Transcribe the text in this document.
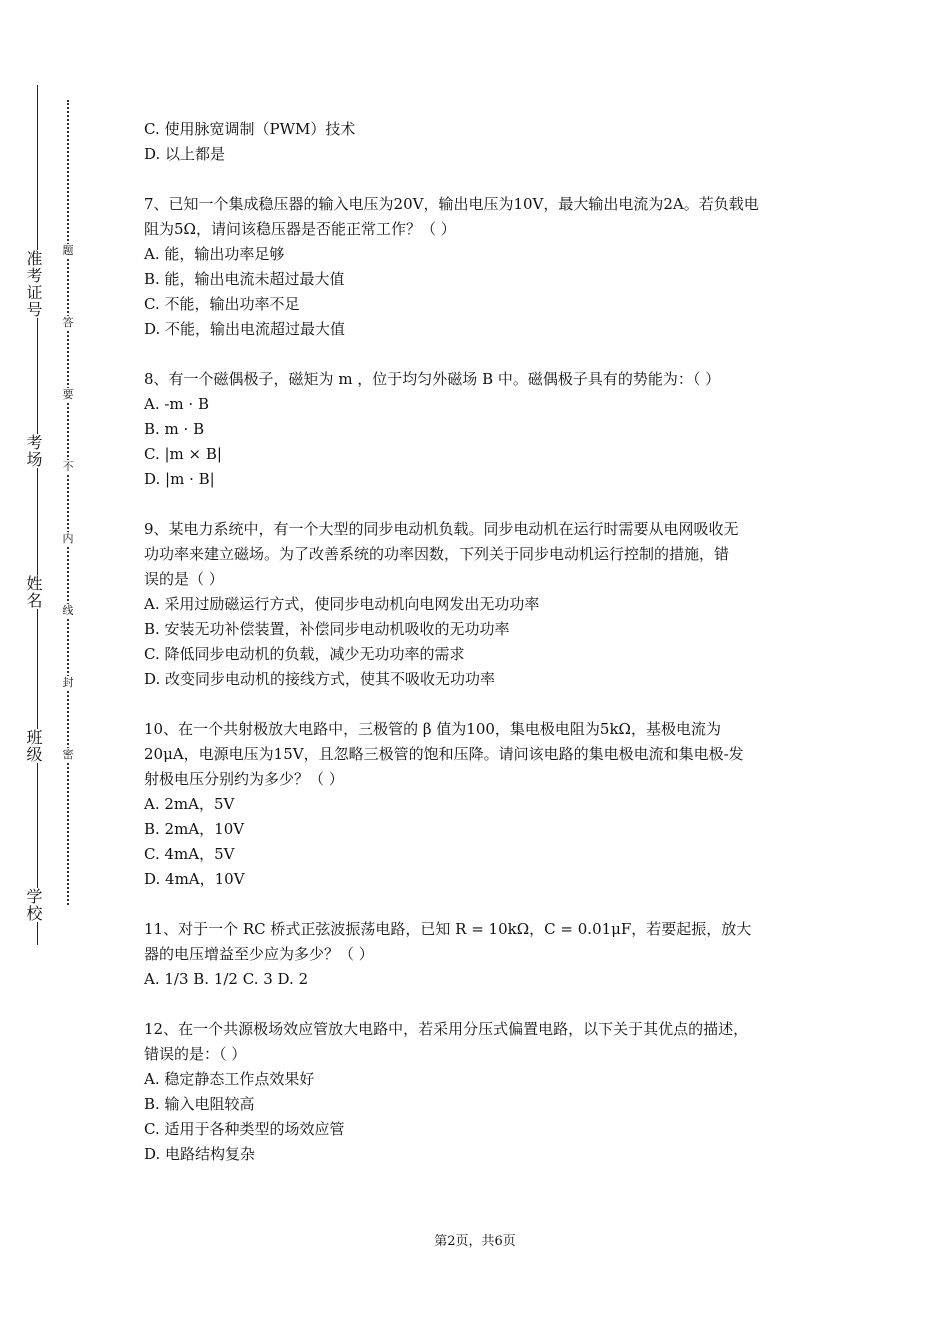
准考证号
考场
姓名
班级
学校
题
答
要
不
内
线
封
密
C. 使用脉宽调制（PWM）技术
D. 以上都是
7、已知一个集成稳压器的输入电压为20V，输出电压为10V，最大输出电流为2A。若负载电
阻为5Ω，请问该稳压器是否能正常工作？（ ）
A. 能，输出功率足够
B. 能，输出电流未超过最大值
C. 不能，输出功率不足
D. 不能，输出电流超过最大值
8、有一个磁偶极子，磁矩为 m ，位于均匀外磁场 B 中。磁偶极子具有的势能为：（ ）
A. -m · B
B. m · B
C. |m × B|
D. |m · B|
9、某电力系统中，有一个大型的同步电动机负载。同步电动机在运行时需要从电网吸收无
功功率来建立磁场。为了改善系统的功率因数，下列关于同步电动机运行控制的措施，错
误的是（ ）
A. 采用过励磁运行方式，使同步电动机向电网发出无功功率
B. 安装无功补偿装置，补偿同步电动机吸收的无功功率
C. 降低同步电动机的负载，减少无功功率的需求
D. 改变同步电动机的接线方式，使其不吸收无功功率
10、在一个共射极放大电路中，三极管的 β 值为100，集电极电阻为5kΩ，基极电流为
20μA，电源电压为15V，且忽略三极管的饱和压降。请问该电路的集电极电流和集电极-发
射极电压分别约为多少？（ ）
A. 2mA，5V
B. 2mA，10V
C. 4mA，5V
D. 4mA，10V
11、对于一个 RC 桥式正弦波振荡电路，已知 R = 10kΩ，C = 0.01μF，若要起振，放大
器的电压增益至少应为多少？（ ）
A. 1/3 B. 1/2 C. 3 D. 2
12、在一个共源极场效应管放大电路中，若采用分压式偏置电路，以下关于其优点的描述，
错误的是：（ ）
A. 稳定静态工作点效果好
B. 输入电阻较高
C. 适用于各种类型的场效应管
D. 电路结构复杂
第2页，共6页
